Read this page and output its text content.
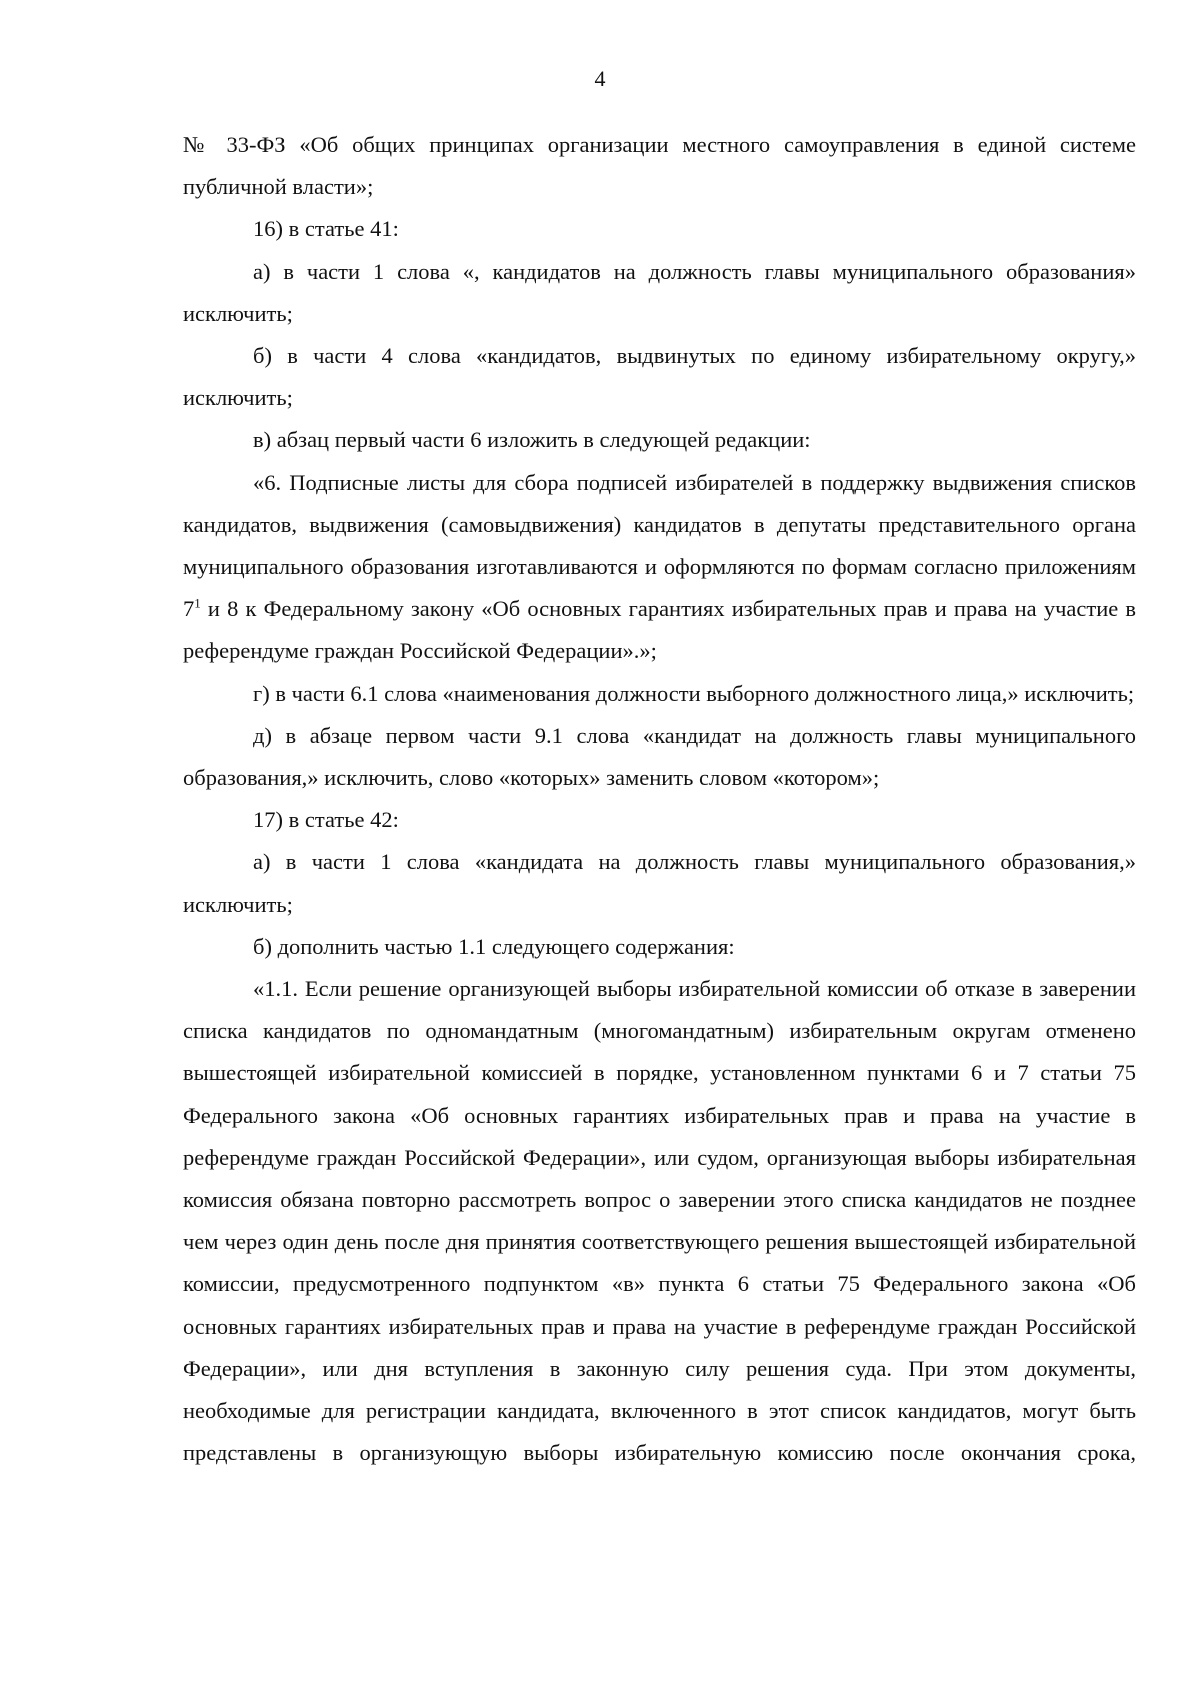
4

№ 33-ФЗ «Об общих принципах организации местного самоуправления в единой системе публичной власти»;

16) в статье 41:

а) в части 1 слова «, кандидатов на должность главы муниципального образования» исключить;

б) в части 4 слова «кандидатов, выдвинутых по единому избирательному округу,» исключить;

в) абзац первый части 6 изложить в следующей редакции:

«6. Подписные листы для сбора подписей избирателей в поддержку выдвижения списков кандидатов, выдвижения (самовыдвижения) кандидатов в депутаты представительного органа муниципального образования изготавливаются и оформляются по формам согласно приложениям $7^1$ и 8 к Федеральному закону «Об основных гарантиях избирательных прав и права на участие в референдуме граждан Российской Федерации».»;

г) в части 6.1 слова «наименования должности выборного должностного лица,» исключить;

д) в абзаце первом части 9.1 слова «кандидат на должность главы муниципального образования,» исключить, слово «которых» заменить словом «котором»;

17) в статье 42:

а) в части 1 слова «кандидата на должность главы муниципального образования,» исключить;

б) дополнить частью 1.1 следующего содержания:

«1.1. Если решение организующей выборы избирательной комиссии об отказе в заверении списка кандидатов по одномандатным (многомандатным) избирательным округам отменено вышестоящей избирательной комиссией в порядке, установленном пунктами 6 и 7 статьи 75 Федерального закона «Об основных гарантиях избирательных прав и права на участие в референдуме граждан Российской Федерации», или судом, организующая выборы избирательная комиссия обязана повторно рассмотреть вопрос о заверении этого списка кандидатов не позднее чем через один день после дня принятия соответствующего решения вышестоящей избирательной комиссии, предусмотренного подпунктом «в» пункта 6 статьи 75 Федерального закона «Об основных гарантиях избирательных прав и права на участие в референдуме граждан Российской Федерации», или дня вступления в законную силу решения суда. При этом документы, необходимые для регистрации кандидата, включенного в этот список кандидатов, могут быть представлены в организующую выборы избирательную комиссию после окончания срока,
